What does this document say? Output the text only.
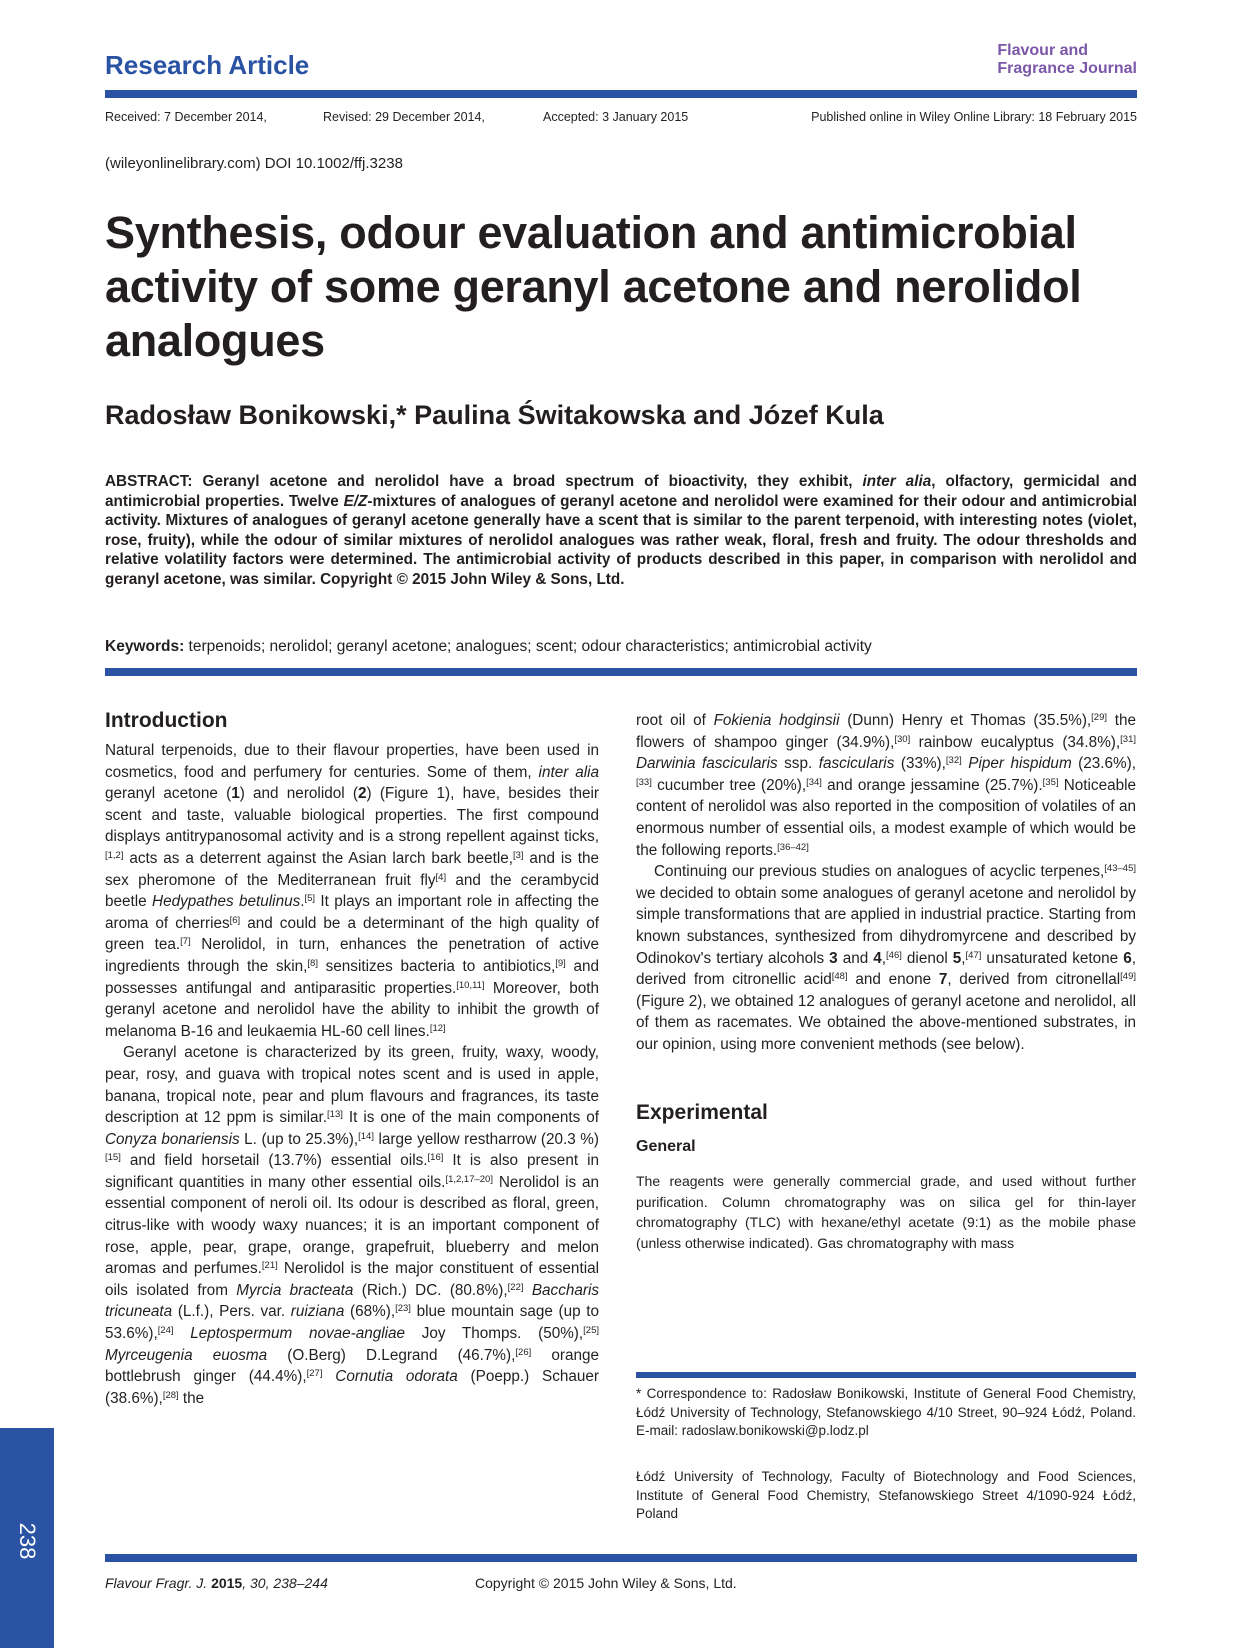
Research Article	Flavour and
Fragrance Journal
Received: 7 December 2014,	Revised: 29 December 2014,	Accepted: 3 January 2015	Published online in Wiley Online Library: 18 February 2015
(wileyonlinelibrary.com) DOI 10.1002/ffj.3238
Synthesis, odour evaluation and antimicrobial activity of some geranyl acetone and nerolidol analogues
Radosław Bonikowski,* Paulina Świtakowska and Józef Kula
ABSTRACT: Geranyl acetone and nerolidol have a broad spectrum of bioactivity, they exhibit, inter alia, olfactory, germicidal and antimicrobial properties. Twelve E/Z-mixtures of analogues of geranyl acetone and nerolidol were examined for their odour and antimicrobial activity. Mixtures of analogues of geranyl acetone generally have a scent that is similar to the parent terpenoid, with interesting notes (violet, rose, fruity), while the odour of similar mixtures of nerolidol analogues was rather weak, floral, fresh and fruity. The odour thresholds and relative volatility factors were determined. The antimicrobial activity of products described in this paper, in comparison with nerolidol and geranyl acetone, was similar. Copyright © 2015 John Wiley & Sons, Ltd.
Keywords: terpenoids; nerolidol; geranyl acetone; analogues; scent; odour characteristics; antimicrobial activity
Introduction

Natural terpenoids, due to their flavour properties, have been used in cosmetics, food and perfumery for centuries. Some of them, inter alia geranyl acetone (1) and nerolidol (2) (Figure 1), have, besides their scent and taste, valuable biological properties. The first compound displays antitrypanosomal activity and is a strong repellent against ticks,[1,2] acts as a deterrent against the Asian larch bark beetle,[3] and is the sex pheromone of the Mediterranean fruit fly[4] and the cerambycid beetle Hedypathes betulinus.[5] It plays an important role in affecting the aroma of cherries[6] and could be a determinant of the high quality of green tea.[7] Nerolidol, in turn, enhances the penetration of active ingredients through the skin,[8] sensitizes bacteria to antibiotics,[9] and possesses antifungal and antiparasitic properties.[10,11] Moreover, both geranyl acetone and nerolidol have the ability to inhibit the growth of melanoma B-16 and leukaemia HL-60 cell lines.[12]

Geranyl acetone is characterized by its green, fruity, waxy, woody, pear, rosy, and guava with tropical notes scent and is used in apple, banana, tropical note, pear and plum flavours and fragrances, its taste description at 12 ppm is similar.[13] It is one of the main components of Conyza bonariensis L. (up to 25.3%),[14] large yellow restharrow (20.3 %)[15] and field horsetail (13.7%) essential oils.[16] It is also present in significant quantities in many other essential oils.[1,2,17–20] Nerolidol is an essential component of neroli oil. Its odour is described as floral, green, citrus-like with woody waxy nuances; it is an important component of rose, apple, pear, grape, orange, grapefruit, blueberry and melon aromas and perfumes.[21] Nerolidol is the major constituent of essential oils isolated from Myrcia bracteata (Rich.) DC. (80.8%),[22] Baccharis tricuneata (L.f.), Pers. var. ruiziana (68%),[23] blue mountain sage (up to 53.6%),[24] Leptospermum novae-angliae Joy Thomps. (50%),[25] Myrceugenia euosma (O.Berg) D.Legrand (46.7%),[26] orange bottlebrush ginger (44.4%),[27] Cornutia odorata (Poepp.) Schauer (38.6%),[28] the

root oil of Fokienia hodginsii (Dunn) Henry et Thomas (35.5%),[29] the flowers of shampoo ginger (34.9%),[30] rainbow eucalyptus (34.8%),[31] Darwinia fascicularis ssp. fascicularis (33%),[32] Piper hispidum (23.6%),[33] cucumber tree (20%),[34] and orange jessamine (25.7%).[35] Noticeable content of nerolidol was also reported in the composition of volatiles of an enormous number of essential oils, a modest example of which would be the following reports.[36–42]

Continuing our previous studies on analogues of acyclic terpenes,[43–45] we decided to obtain some analogues of geranyl acetone and nerolidol by simple transformations that are applied in industrial practice. Starting from known substances, synthesized from dihydromyrcene and described by Odinokov's tertiary alcohols 3 and 4,[46] dienol 5,[47] unsaturated ketone 6, derived from citronellic acid[48] and enone 7, derived from citronellal[49] (Figure 2), we obtained 12 analogues of geranyl acetone and nerolidol, all of them as racemates. We obtained the above-mentioned substrates, in our opinion, using more convenient methods (see below).

Experimental
General

The reagents were generally commercial grade, and used without further purification. Column chromatography was on silica gel for thin-layer chromatography (TLC) with hexane/ethyl acetate (9:1) as the mobile phase (unless otherwise indicated). Gas chromatography with mass

* Correspondence to: Radosław Bonikowski, Institute of General Food Chemistry, Łódź University of Technology, Stefanowskiego 4/10 Street, 90–924 Łódź, Poland. E-mail: radoslaw.bonikowski@p.lodz.pl
Łódź University of Technology, Faculty of Biotechnology and Food Sciences, Institute of General Food Chemistry, Stefanowskiego Street 4/1090-924 Łódź, Poland
238
Flavour Fragr. J. 2015, 30, 238–244	Copyright © 2015 John Wiley & Sons, Ltd.
